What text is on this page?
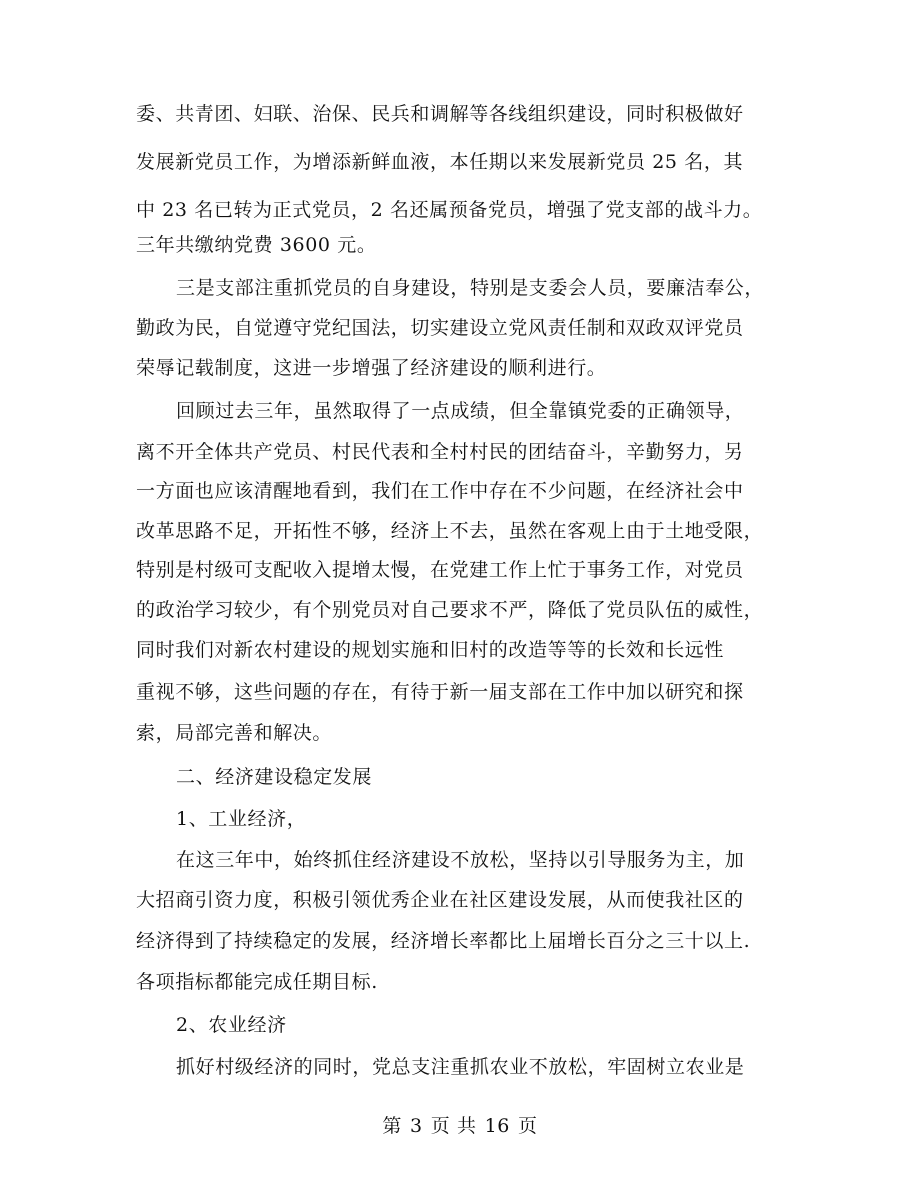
委、共青团、妇联、治保、民兵和调解等各线组织建设，同时积极做好
发展新党员工作，为增添新鲜血液，本任期以来发展新党员 25 名，其
中 23 名已转为正式党员，2 名还属预备党员，增强了党支部的战斗力。
三年共缴纳党费 3600 元。
三是支部注重抓党员的自身建设，特别是支委会人员，要廉洁奉公，
勤政为民，自觉遵守党纪国法，切实建设立党风责任制和双政双评党员
荣辱记载制度，这进一步增强了经济建设的顺利进行。
回顾过去三年，虽然取得了一点成绩，但全靠镇党委的正确领导，
离不开全体共产党员、村民代表和全村村民的团结奋斗，辛勤努力，另
一方面也应该清醒地看到，我们在工作中存在不少问题，在经济社会中
改革思路不足，开拓性不够，经济上不去，虽然在客观上由于土地受限，
特别是村级可支配收入提增太慢，在党建工作上忙于事务工作，对党员
的政治学习较少，有个别党员对自己要求不严，降低了党员队伍的威性，
同时我们对新农村建设的规划实施和旧村的改造等等的长效和长远性
重视不够，这些问题的存在，有待于新一届支部在工作中加以研究和探
索，局部完善和解决。
二、经济建设稳定发展
1、工业经济，
在这三年中，始终抓住经济建设不放松，坚持以引导服务为主，加
大招商引资力度，积极引领优秀企业在社区建设发展，从而使我社区的
经济得到了持续稳定的发展，经济增长率都比上届增长百分之三十以上.
各项指标都能完成任期目标.
2、农业经济
抓好村级经济的同时，党总支注重抓农业不放松，牢固树立农业是
第 3 页 共 16 页
